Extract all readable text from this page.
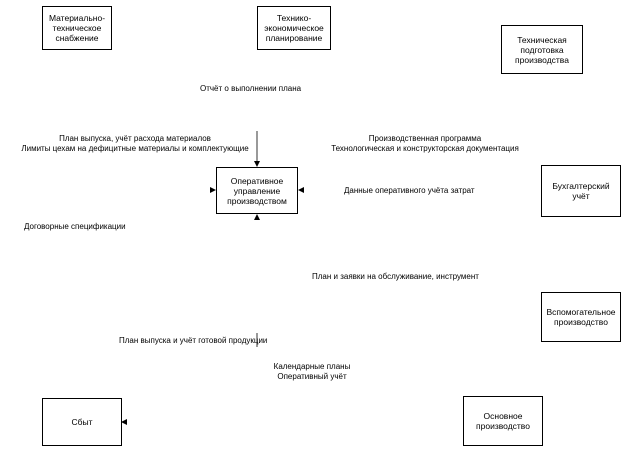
Материально-
техническое
снабжение
Технико-
экономическое
планирование	Техническая
подготовка
производства
Оперативное
управление
производством
Бухгалтерский
учёт
Вспомогательное
производство
Сбыт
Основное
производство
Отчёт о выполнении плана
План выпуска, учёт расхода материалов
Лимиты цехам на дефицитные материалы и комплектующие
Производственная программа
Технологическая и конструкторская документация
Данные оперативного учёта затрат
Договорные спецификации
План и заявки на обслуживание, инструмент
План выпуска и учёт готовой продукции
Календарные планы
Оперативный учёт
